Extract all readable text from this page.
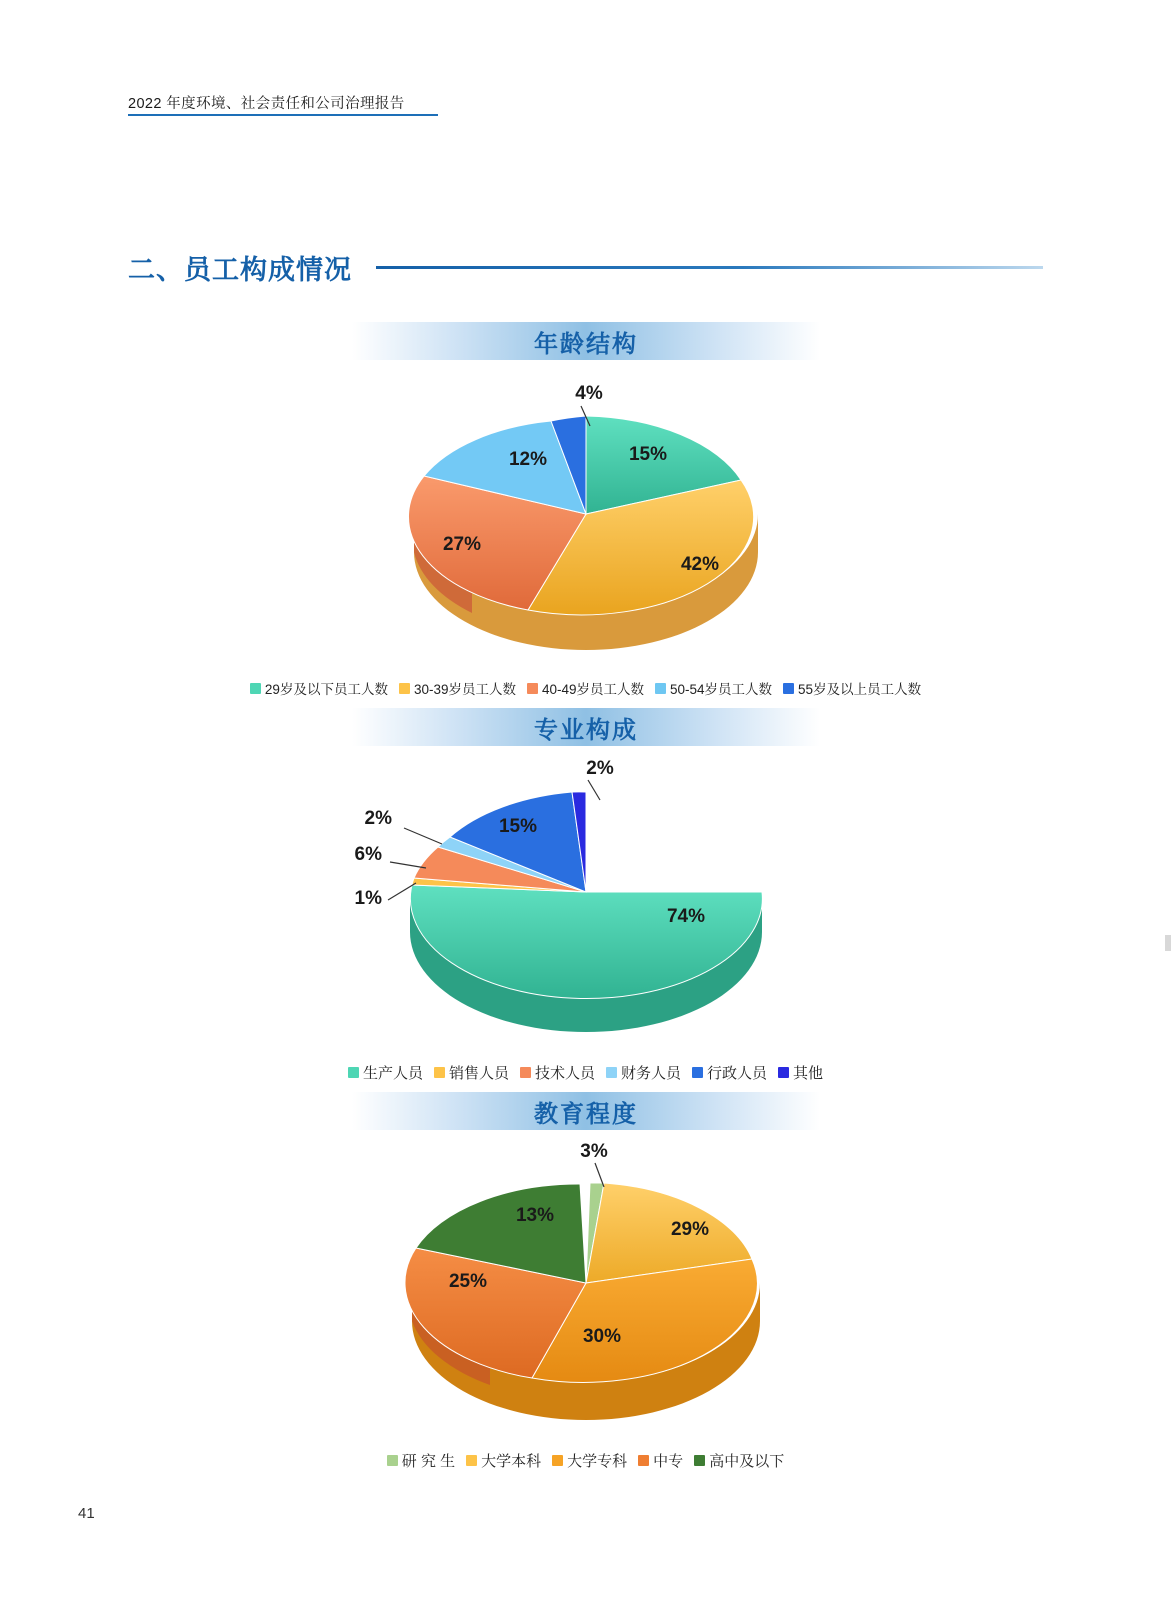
2022 年度环境、社会责任和公司治理报告
二、员工构成情况
年龄结构
15%
42%
27%
12%
4%
29岁及以下员工人数 30-39岁员工人数 40-49岁员工人数 50-54岁员工人数 55岁及以上员工人数
专业构成
74%
15%
2%
2%
6%
1%
生产人员 销售人员 技术人员 财务人员 行政人员 其他
教育程度
3%
29%
30%
25%
13%
研 究 生 大学本科 大学专科 中专 高中及以下
41
